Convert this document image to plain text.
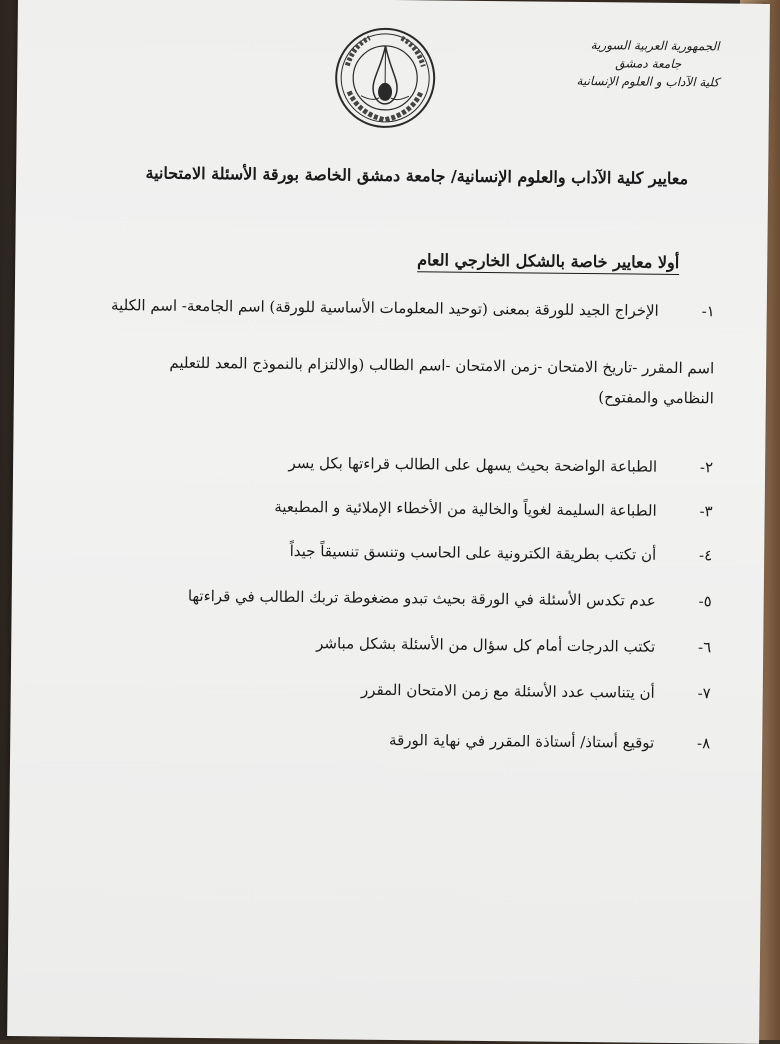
الجمهورية العربية السورية
جامعة دمشق
كلية الآداب و العلوم الإنسانية
معايير كلية الآداب والعلوم الإنسانية/ جامعة دمشق الخاصة بورقة الأسئلة الامتحانية
أولا معايير خاصة بالشكل الخارجي العام
١-الإخراج الجيد للورقة بمعنى (توحيد المعلومات الأساسية للورقة) اسم الجامعة- اسم الكلية
اسم المقرر -تاريخ الامتحان -زمن الامتحان -اسم الطالب (والالتزام بالنموذج المعد للتعليم
النظامي والمفتوح)
٢-الطباعة الواضحة بحيث يسهل على الطالب قراءتها بكل يسر
٣-الطباعة السليمة لغوياً والخالية من الأخطاء الإملائية و المطبعية
٤-أن تكتب بطريقة الكترونية على الحاسب وتنسق تنسيقاً جيداً
٥-عدم تكدس الأسئلة في الورقة بحيث تبدو مضغوطة تربك الطالب في قراءتها
٦-تكتب الدرجات أمام كل سؤال من الأسئلة بشكل مباشر
٧-أن يتناسب عدد الأسئلة مع زمن الامتحان المقرر
٨-توقيع أستاذ/ أستاذة المقرر في نهاية الورقة
